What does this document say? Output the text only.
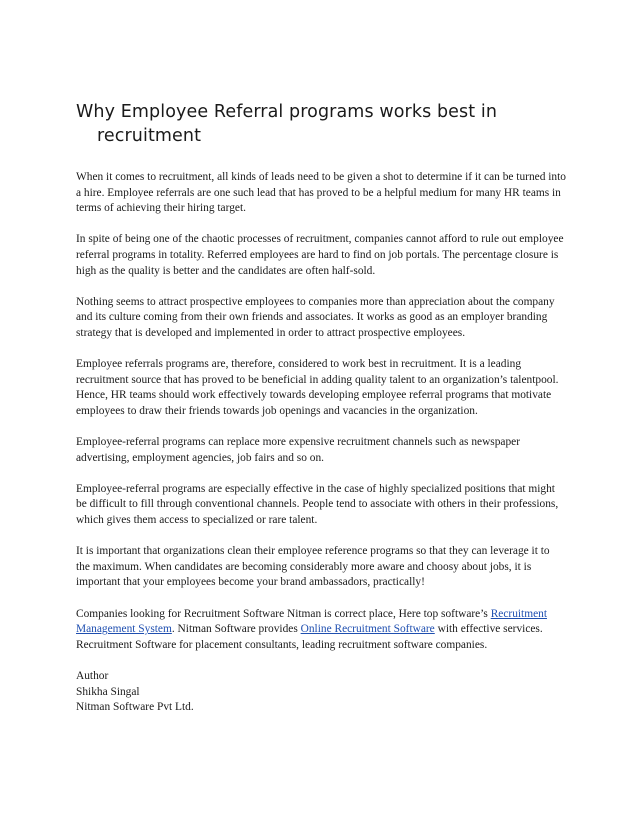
Why Employee Referral programs works best in recruitment

When it comes to recruitment, all kinds of leads need to be given a shot to determine if it can be turned into a hire. Employee referrals are one such lead that has proved to be a helpful medium for many HR teams in terms of achieving their hiring target.

In spite of being one of the chaotic processes of recruitment, companies cannot afford to rule out employee referral programs in totality. Referred employees are hard to find on job portals. The percentage closure is high as the quality is better and the candidates are often half-sold.

Nothing seems to attract prospective employees to companies more than appreciation about the company and its culture coming from their own friends and associates. It works as good as an employer branding strategy that is developed and implemented in order to attract prospective employees.

Employee referrals programs are, therefore, considered to work best in recruitment. It is a leading recruitment source that has proved to be beneficial in adding quality talent to an organization’s talentpool. Hence, HR teams should work effectively towards developing employee referral programs that motivate employees to draw their friends towards job openings and vacancies in the organization.

Employee-referral programs can replace more expensive recruitment channels such as newspaper advertising, employment agencies, job fairs and so on.

Employee-referral programs are especially effective in the case of highly specialized positions that might be difficult to fill through conventional channels. People tend to associate with others in their professions, which gives them access to specialized or rare talent.

It is important that organizations clean their employee reference programs so that they can leverage it to the maximum. When candidates are becoming considerably more aware and choosy about jobs, it is important that your employees become your brand ambassadors, practically!

Companies looking for Recruitment Software Nitman is correct place, Here top software’s Recruitment Management System. Nitman Software provides Online Recruitment Software with effective services. Recruitment Software for placement consultants, leading recruitment software companies.

Author
Shikha Singal
Nitman Software Pvt Ltd.
